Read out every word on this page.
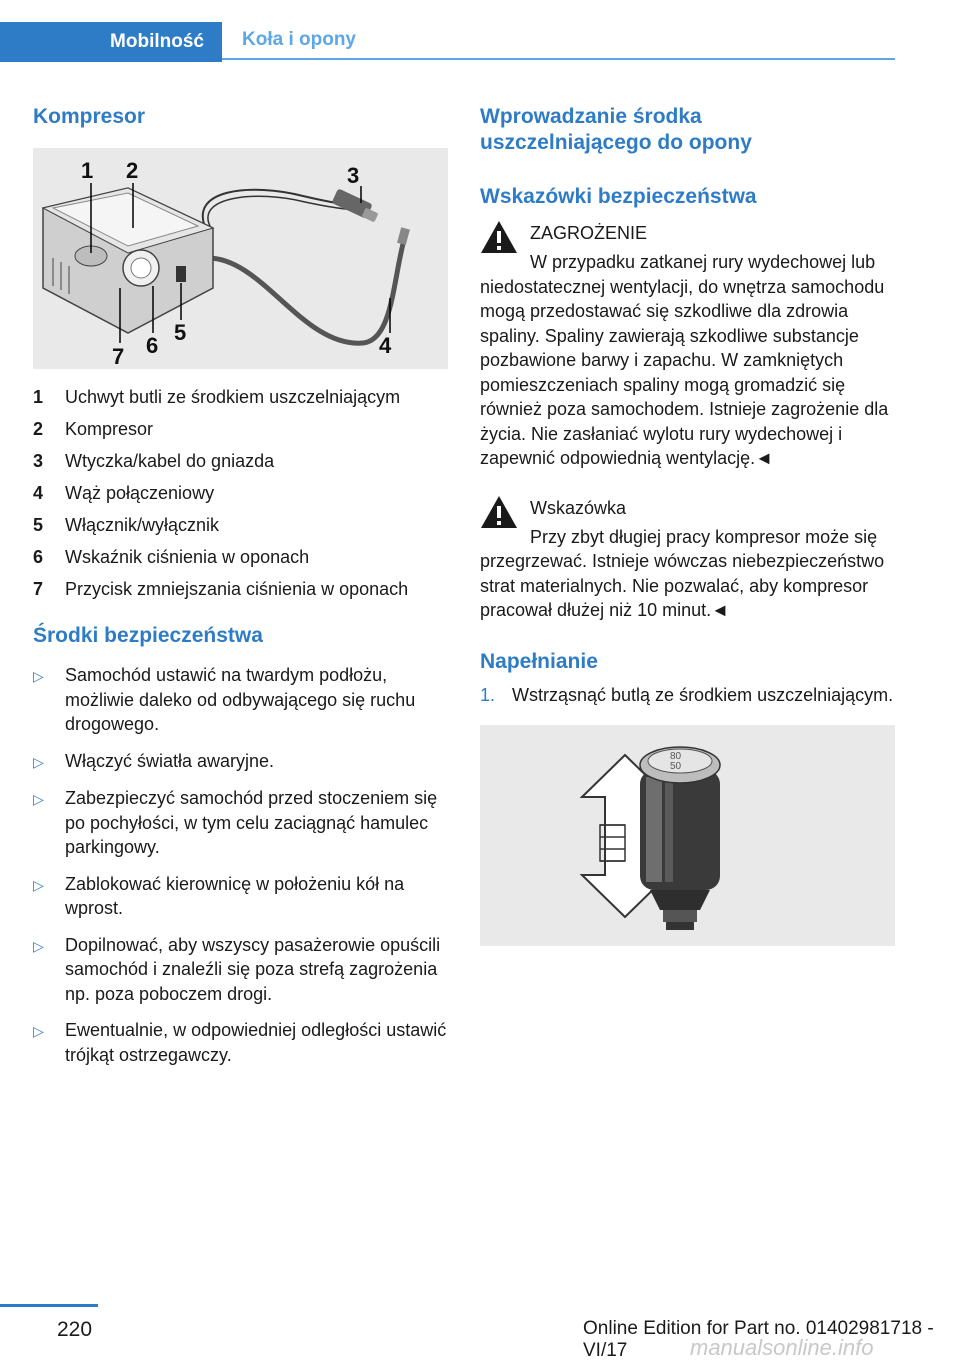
Mobilność	Koła i opony
Kompresor
1 2	3
4
5
6
7
1	Uchwyt butli ze środkiem uszczelniającym
2	Kompresor
3	Wtyczka/kabel do gniazda
4	Wąż połączeniowy
5	Włącznik/wyłącznik
6	Wskaźnik ciśnienia w oponach
7	Przycisk zmniejszania ciśnienia w oponach
Środki bezpieczeństwa
▷	Samochód ustawić na twardym podłożu, możliwie daleko od odbywającego się ruchu drogowego.
▷	Włączyć światła awaryjne.
▷	Zabezpieczyć samochód przed stoczeniem się po pochyłości, w tym celu zaciągnąć hamulec parkingowy.
▷	Zablokować kierownicę w położeniu kół na wprost.
▷	Dopilnować, aby wszyscy pasażerowie opuścili samochód i znaleźli się poza strefą zagrożenia np. poza poboczem drogi.
▷	Ewentualnie, w odpowiedniej odległości ustawić trójkąt ostrzegawczy.
Wprowadzanie środka uszczelniającego do opony
Wskazówki bezpieczeństwa
ZAGROŻENIE
W przypadku zatkanej rury wydechowej lub niedostatecznej wentylacji, do wnętrza samochodu mogą przedostawać się szkodliwe dla zdrowia spaliny. Spaliny zawierają szkodliwe substancje pozbawione barwy i zapachu. W zamkniętych pomieszczeniach spaliny mogą gromadzić się również poza samochodem. Istnieje zagrożenie dla życia. Nie zasłaniać wylotu rury wydechowej i zapewnić odpowiednią wentylację.◄
Wskazówka
Przy zbyt długiej pracy kompresor może się przegrzewać. Istnieje wówczas niebezpieczeństwo strat materialnych. Nie pozwalać, aby kompresor pracował dłużej niż 10 minut.◄
Napełnianie
1. Wstrząsnąć butlą ze środkiem uszczelniającym.
80
50
220	Online Edition for Part no. 01402981718 - VI/17	manualsonline.info
